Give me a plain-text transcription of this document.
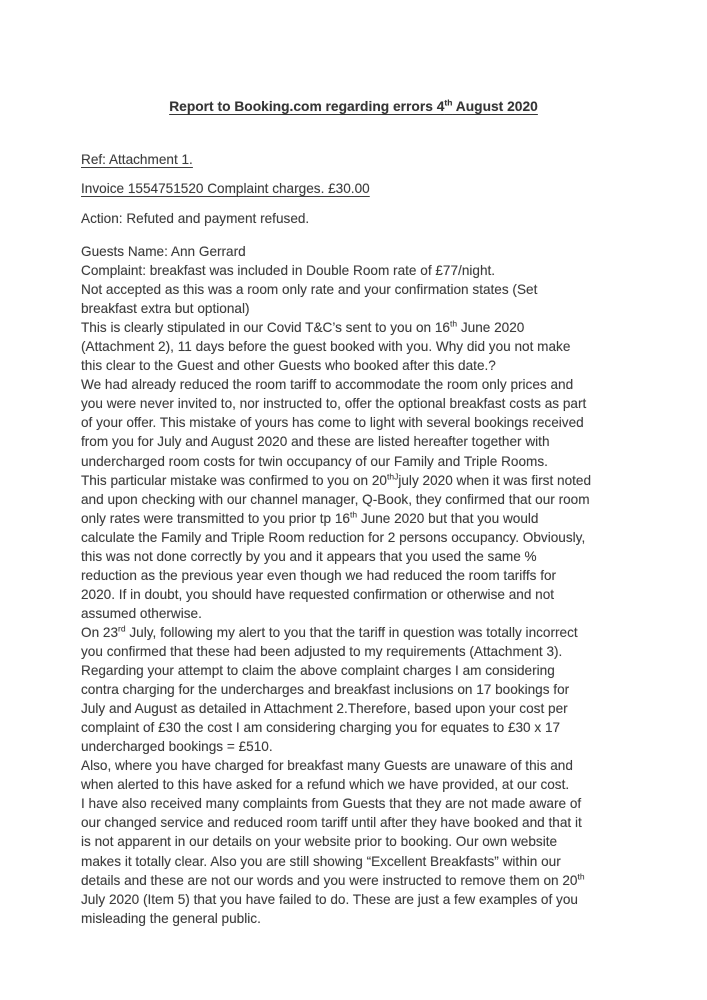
Report to Booking.com regarding errors 4th August 2020

Ref: Attachment 1.

Invoice 1554751520 Complaint charges. £30.00

Action: Refuted and payment refused.

Guests Name: Ann Gerrard
Complaint: breakfast was included in Double Room rate of £77/night.
Not accepted as this was a room only rate and your confirmation states (Set
breakfast extra but optional)
This is clearly stipulated in our Covid T&C’s sent to you on 16th June 2020
(Attachment 2), 11 days before the guest booked with you. Why did you not make
this clear to the Guest and other Guests who booked after this date.?
We had already reduced the room tariff to accommodate the room only prices and
you were never invited to, nor instructed to, offer the optional breakfast costs as part
of your offer. This mistake of yours has come to light with several bookings received
from you for July and August 2020 and these are listed hereafter together with
undercharged room costs for twin occupancy of our Family and Triple Rooms.
This particular mistake was confirmed to you on $20^{thJ}july$ 2020 when it was first noted
and upon checking with our channel manager, Q-Book, they confirmed that our room
only rates were transmitted to you prior tp 16th June 2020 but that you would
calculate the Family and Triple Room reduction for 2 persons occupancy. Obviously,
this was not done correctly by you and it appears that you used the same %
reduction as the previous year even though we had reduced the room tariffs for
2020. If in doubt, you should have requested confirmation or otherwise and not
assumed otherwise.
On 23rd July, following my alert to you that the tariff in question was totally incorrect
you confirmed that these had been adjusted to my requirements (Attachment 3).
Regarding your attempt to claim the above complaint charges I am considering
contra charging for the undercharges and breakfast inclusions on 17 bookings for
July and August as detailed in Attachment 2.Therefore, based upon your cost per
complaint of £30 the cost I am considering charging you for equates to £30 x 17
undercharged bookings = £510.
Also, where you have charged for breakfast many Guests are unaware of this and
when alerted to this have asked for a refund which we have provided, at our cost.
I have also received many complaints from Guests that they are not made aware of
our changed service and reduced room tariff until after they have booked and that it
is not apparent in our details on your website prior to booking. Our own website
makes it totally clear. Also you are still showing “Excellent Breakfasts” within our
details and these are not our words and you were instructed to remove them on 20th
July 2020 (Item 5) that you have failed to do. These are just a few examples of you
misleading the general public.
